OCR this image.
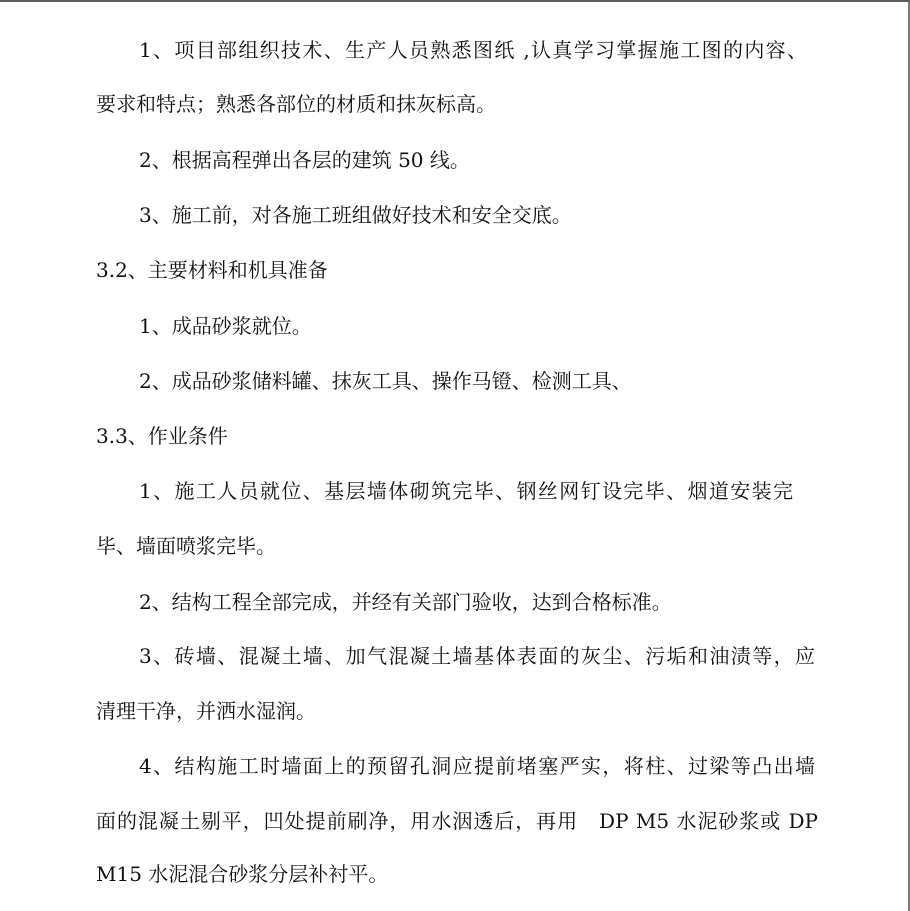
1、项目部组织技术、生产人员熟悉图纸 ,认真学习掌握施工图的内容、

要求和特点；熟悉各部位的材质和抹灰标高。

2、根据高程弹出各层的建筑 50 线。

3、施工前，对各施工班组做好技术和安全交底。

3.2、主要材料和机具准备

1、成品砂浆就位。

2、成品砂浆储料罐、抹灰工具、操作马镫、检测工具、

3.3、作业条件

1、施工人员就位、基层墙体砌筑完毕、钢丝网钉设完毕、烟道安装完

毕、墙面喷浆完毕。

2、结构工程全部完成，并经有关部门验收，达到合格标准。

3、砖墙、混凝土墙、加气混凝土墙基体表面的灰尘、污垢和油渍等，应

清理干净，并洒水湿润。

4、结构施工时墙面上的预留孔洞应提前堵塞严实，将柱、过梁等凸出墙

面的混凝土剔平，凹处提前刷净，用水洇透后，再用　DP M5 水泥砂浆或 DP

M15 水泥混合砂浆分层补衬平。
